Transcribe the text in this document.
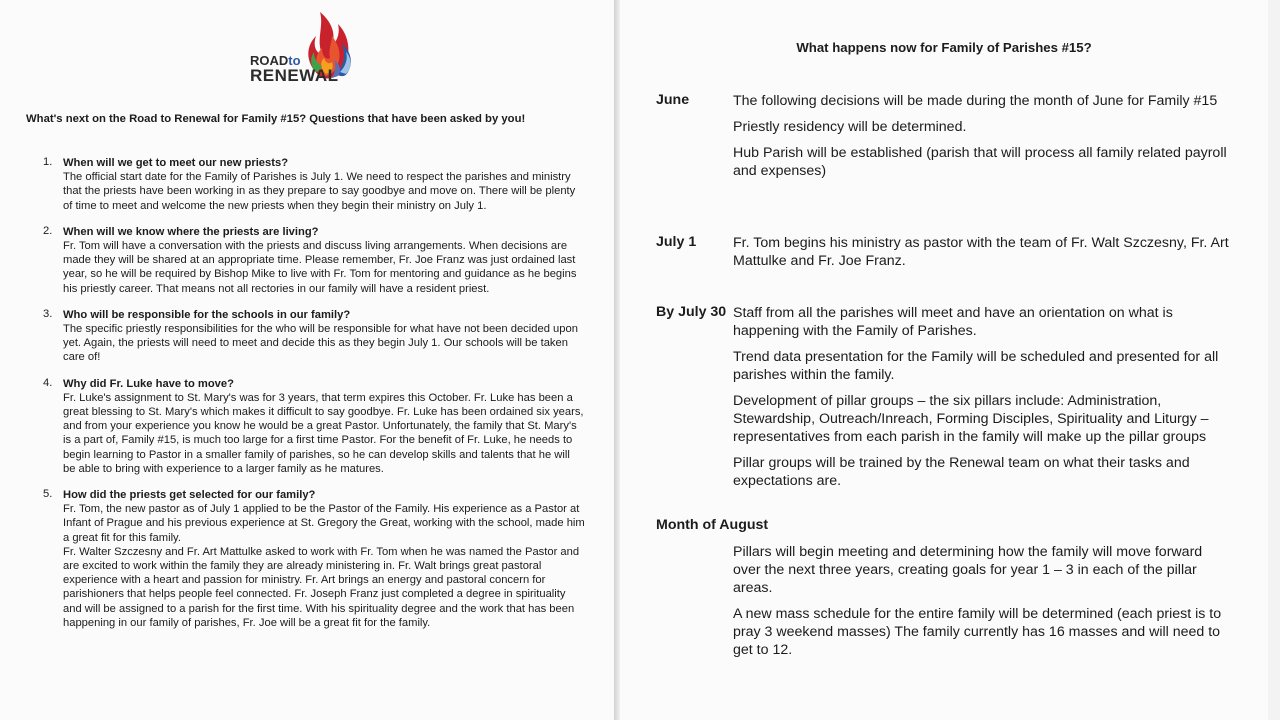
ROADto
RENEWAL
What's next on the Road to Renewal for Family #15? Questions that have been asked by you!
1. When will we get to meet our new priests?
The official start date for the Family of Parishes is July 1. We need to respect the parishes and ministry that the priests have been working in as they prepare to say goodbye and move on. There will be plenty of time to meet and welcome the new priests when they begin their ministry on July 1.
2. When will we know where the priests are living?
Fr. Tom will have a conversation with the priests and discuss living arrangements. When decisions are made they will be shared at an appropriate time. Please remember, Fr. Joe Franz was just ordained last year, so he will be required by Bishop Mike to live with Fr. Tom for mentoring and guidance as he begins his priestly career. That means not all rectories in our family will have a resident priest.
3. Who will be responsible for the schools in our family?
The specific priestly responsibilities for the who will be responsible for what have not been decided upon yet. Again, the priests will need to meet and decide this as they begin July 1. Our schools will be taken care of!
4. Why did Fr. Luke have to move?
Fr. Luke's assignment to St. Mary's was for 3 years, that term expires this October. Fr. Luke has been a great blessing to St. Mary's which makes it difficult to say goodbye. Fr. Luke has been ordained six years, and from your experience you know he would be a great Pastor. Unfortunately, the family that St. Mary's is a part of, Family #15, is much too large for a first time Pastor. For the benefit of Fr. Luke, he needs to begin learning to Pastor in a smaller family of parishes, so he can develop skills and talents that he will be able to bring with experience to a larger family as he matures.
5. How did the priests get selected for our family?
Fr. Tom, the new pastor as of July 1 applied to be the Pastor of the Family. His experience as a Pastor at Infant of Prague and his previous experience at St. Gregory the Great, working with the school, made him a great fit for this family.
Fr. Walter Szczesny and Fr. Art Mattulke asked to work with Fr. Tom when he was named the Pastor and are excited to work within the family they are already ministering in. Fr. Walt brings great pastoral experience with a heart and passion for ministry. Fr. Art brings an energy and pastoral concern for parishioners that helps people feel connected. Fr. Joseph Franz just completed a degree in spirituality and will be assigned to a parish for the first time. With his spirituality degree and the work that has been happening in our family of parishes, Fr. Joe will be a great fit for the family.
What happens now for Family of Parishes #15?
June	The following decisions will be made during the month of June for Family #15
Priestly residency will be determined.
Hub Parish will be established (parish that will process all family related payroll and expenses)
July 1	Fr. Tom begins his ministry as pastor with the team of Fr. Walt Szczesny, Fr. Art Mattulke and Fr. Joe Franz.
By July 30 Staff from all the parishes will meet and have an orientation on what is happening with the Family of Parishes.
Trend data presentation for the Family will be scheduled and presented for all parishes within the family.
Development of pillar groups – the six pillars include: Administration, Stewardship, Outreach/Inreach, Forming Disciples, Spirituality and Liturgy – representatives from each parish in the family will make up the pillar groups
Pillar groups will be trained by the Renewal team on what their tasks and expectations are.
Month of August
Pillars will begin meeting and determining how the family will move forward over the next three years, creating goals for year 1 – 3 in each of the pillar areas.
A new mass schedule for the entire family will be determined (each priest is to pray 3 weekend masses) The family currently has 16 masses and will need to get to 12.
